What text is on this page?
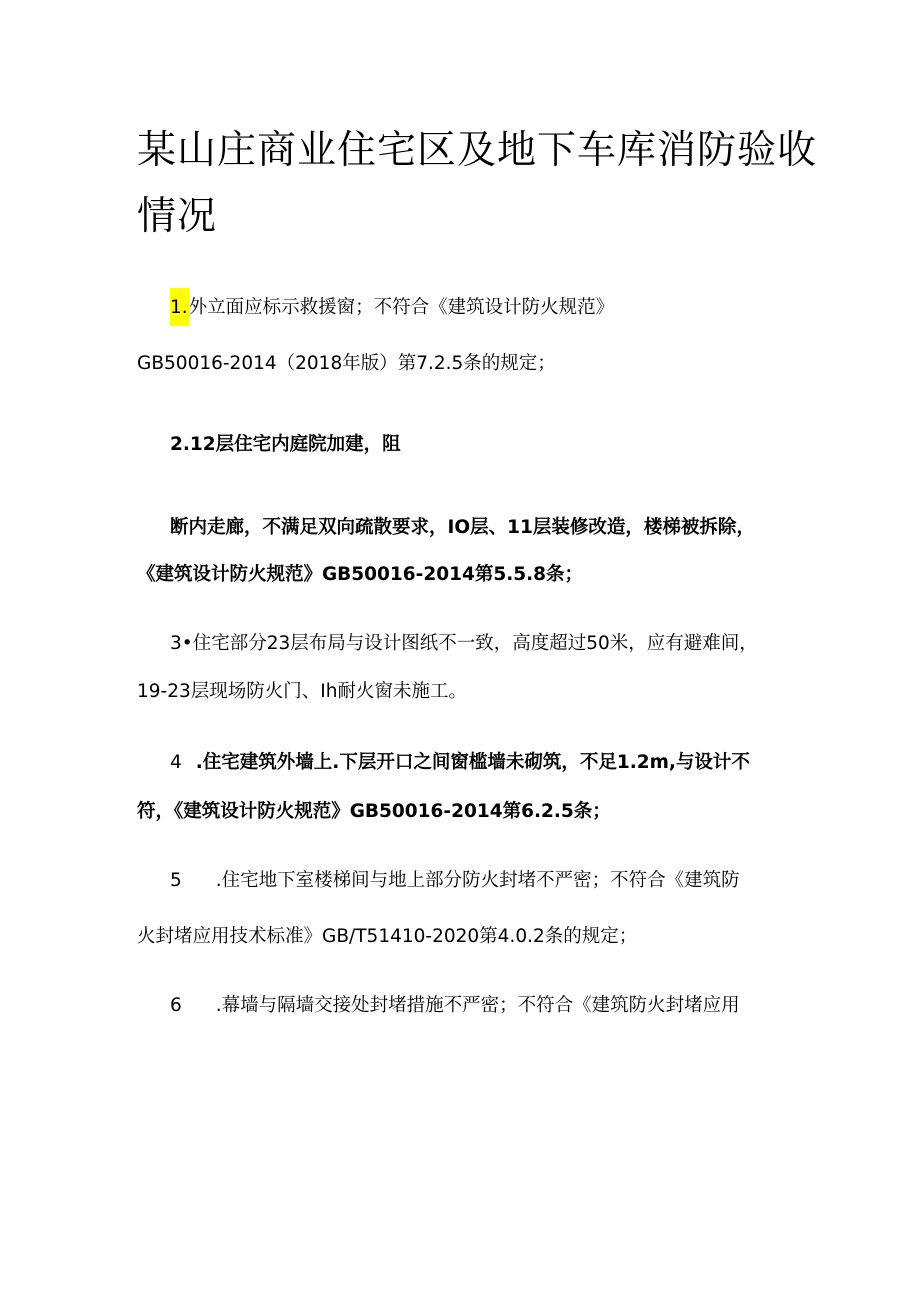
某山庄商业住宅区及地下车库消防验收情况
1.外立面应标示救援窗；不符合《建筑设计防火规范》
GB50016-2014（2018年版）第7.2.5条的规定；
2.12层住宅内庭院加建，阻
断内走廊，不满足双向疏散要求，IO层、11层装修改造，楼梯被拆除，
《建筑设计防火规范》GB50016-2014第5.5.8条；
3•住宅部分23层布局与设计图纸不一致，高度超过50米，应有避难间，
19-23层现场防火门、Ih耐火窗未施工。
4 .住宅建筑外墙上.下层开口之间窗槛墙未砌筑，不足1.2m,与设计不
符，《建筑设计防火规范》GB50016-2014第6.2.5条；
5 .住宅地下室楼梯间与地上部分防火封堵不严密；不符合《建筑防
火封堵应用技术标准》GB/T51410-2020第4.0.2条的规定；
6 .幕墙与隔墙交接处封堵措施不严密；不符合《建筑防火封堵应用
